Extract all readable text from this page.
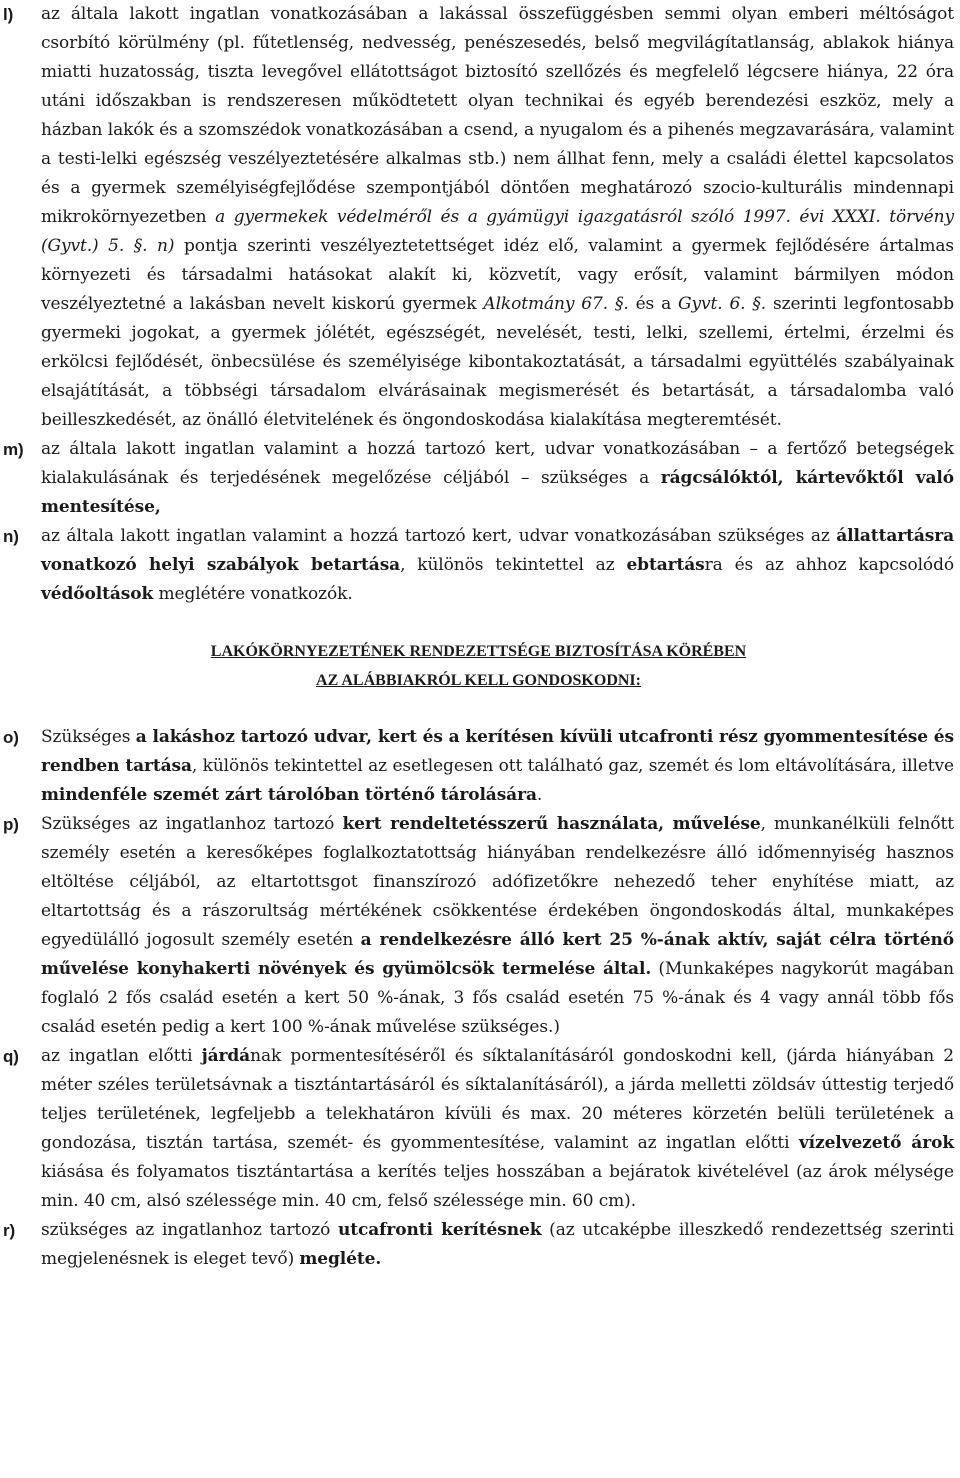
l) az általa lakott ingatlan vonatkozásában a lakással összefüggésben semmi olyan emberi méltóságot csorbító körülmény (pl. fűtetlenség, nedvesség, penészesedés, belső megvilágítatlanság, ablakok hiánya miatti huzatosság, tiszta levegővel ellátottságot biztosító szellőzés és megfelelő légcsere hiánya, 22 óra utáni időszakban is rendszeresen működtetett olyan technikai és egyéb berendezési eszköz, mely a házban lakók és a szomszédok vonatkozásában a csend, a nyugalom és a pihenés megzavarására, valamint a testi-lelki egészség veszélyeztetésére alkalmas stb.) nem állhat fenn, mely a családi élettel kapcsolatos és a gyermek személyiségfejlődése szempontjából döntően meghatározó szocio-kulturális mindennapi mikrokörnyezetben a gyermekek védelméről és a gyámügyi igazgatásról szóló 1997. évi XXXI. törvény (Gyvt.) 5. §. n) pontja szerinti veszélyeztetettséget idéz elő, valamint a gyermek fejlődésére ártalmas környezeti és társadalmi hatásokat alakít ki, közvetít, vagy erősít, valamint bármilyen módon veszélyeztetné a lakásban nevelt kiskorú gyermek Alkotmány 67. §. és a Gyvt. 6. §. szerinti legfontosabb gyermeki jogokat, a gyermek jólétét, egészségét, nevelését, testi, lelki, szellemi, értelmi, érzelmi és erkölcsi fejlődését, önbecsülése és személyisége kibontakoztatását, a társadalmi együttélés szabályainak elsajátítását, a többségi társadalom elvárásainak megismerését és betartását, a társadalomba való beilleszkedését, az önálló életvitelének és öngondoskodása kialakítása megteremtését.
m) az általa lakott ingatlan valamint a hozzá tartozó kert, udvar vonatkozásában – a fertőző betegségek kialakulásának és terjedésének megelőzése céljából – szükséges a rágcsálóktól, kártevőktől való mentesítése,
n) az általa lakott ingatlan valamint a hozzá tartozó kert, udvar vonatkozásában szükséges az állattartásra vonatkozó helyi szabályok betartása, különös tekintettel az ebtartásra és az ahhoz kapcsolódó védőoltások meglétére vonatkozók.

LAKÓKÖRNYEZETÉNEK RENDEZETTSÉGE BIZTOSÍTÁSA KÖRÉBEN

AZ ALÁBBIAKRÓL KELL GONDOSKODNI:

o) Szükséges a lakáshoz tartozó udvar, kert és a kerítésen kívüli utcafronti rész gyommentesítése és rendben tartása, különös tekintettel az esetlegesen ott található gaz, szemét és lom eltávolítására, illetve mindenféle szemét zárt tárolóban történő tárolására.
p) Szükséges az ingatlanhoz tartozó kert rendeltetésszerű használata, művelése, munkanélküli felnőtt személy esetén a keresőképes foglalkoztatottság hiányában rendelkezésre álló időmennyiség hasznos eltöltése céljából, az eltartottsgot finanszírozó adófizetőkre nehezedő teher enyhítése miatt, az eltartottság és a rászorultság mértékének csökkentése érdekében öngondoskodás által, munkaképes egyedülálló jogosult személy esetén a rendelkezésre álló kert 25 %-ának aktív, saját célra történő művelése konyhakerti növények és gyümölcsök termelése által. (Munkaképes nagykorút magában foglaló 2 fős család esetén a kert 50 %-ának, 3 fős család esetén 75 %-ának és 4 vagy annál több fős család esetén pedig a kert 100 %-ának művelése szükséges.)
q) az ingatlan előtti járdának pormentesítéséről és síktalanításáról gondoskodni kell, (járda hiányában 2 méter széles területsávnak a tisztántartásáról és síktalanításáról), a járda melletti zöldsáv úttestig terjedő teljes területének, legfeljebb a telekhatáron kívüli és max. 20 méteres körzetén belüli területének a gondozása, tisztán tartása, szemét- és gyommentesítése, valamint az ingatlan előtti vízelvezető árok kiásása és folyamatos tisztántartása a kerítés teljes hosszában a bejáratok kivételével (az árok mélysége min. 40 cm, alsó szélessége min. 40 cm, felső szélessége min. 60 cm).
r) szükséges az ingatlanhoz tartozó utcafronti kerítésnek (az utcaképbe illeszkedő rendezettség szerinti megjelenésnek is eleget tevő) megléte.
